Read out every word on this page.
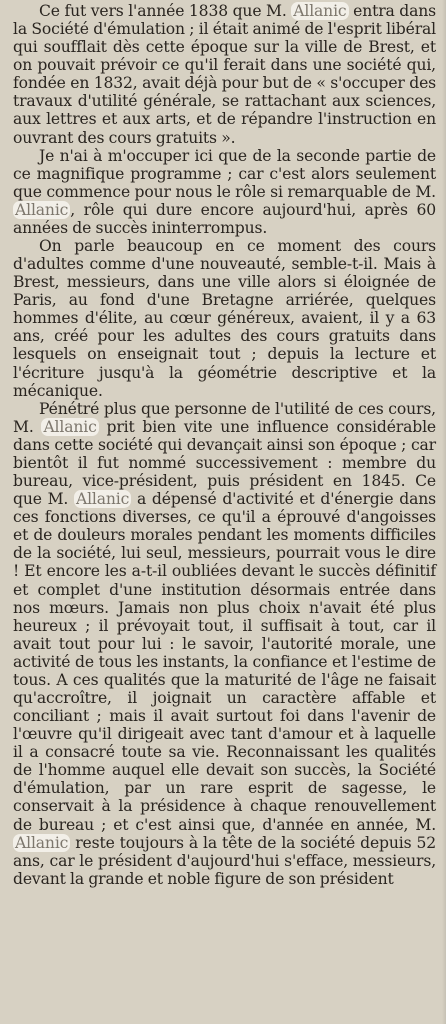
Ce fut vers l'année 1838 que M. Allanic entra dans la Société d'émulation ; il était animé de l'esprit libéral qui soufflait dès cette époque sur la ville de Brest, et on pouvait prévoir ce qu'il ferait dans une société qui, fondée en 1832, avait déjà pour but de « s'occuper des travaux d'utilité générale, se rattachant aux sciences, aux lettres et aux arts, et de répandre l'instruction en ouvrant des cours gratuits ».

Je n'ai à m'occuper ici que de la seconde partie de ce magnifique programme ; car c'est alors seulement que commence pour nous le rôle si remarquable de M. Allanic , rôle qui dure encore aujourd'hui, après 60 années de succès ininterrompus.

On parle beaucoup en ce moment des cours d'adultes comme d'une nouveauté, semble-t-il. Mais à Brest, messieurs, dans une ville alors si éloignée de Paris, au fond d'une Bretagne arriérée, quelques hommes d'élite, au cœur généreux, avaient, il y a 63 ans, créé pour les adultes des cours gratuits dans lesquels on enseignait tout ; depuis la lecture et l'écriture jusqu'à la géométrie descriptive et la mécanique.

Pénétré plus que personne de l'utilité de ces cours, M. Allanic prit bien vite une influence considérable dans cette société qui devançait ainsi son époque ; car bientôt il fut nommé successivement : membre du bureau, vice-président, puis président en 1845. Ce que M. Allanic a dépensé d'activité et d'énergie dans ces fonctions diverses, ce qu'il a éprouvé d'angoisses et de douleurs morales pendant les moments difficiles de la société, lui seul, messieurs, pourrait vous le dire ! Et encore les a-t-il oubliées devant le succès définitif et complet d'une institution désormais entrée dans nos mœurs. Jamais non plus choix n'avait été plus heureux ; il prévoyait tout, il suffisait à tout, car il avait tout pour lui : le savoir, l'autorité morale, une activité de tous les instants, la confiance et l'estime de tous. A ces qualités que la maturité de l'âge ne faisait qu'accroître, il joignait un caractère affable et conciliant ; mais il avait surtout foi dans l'avenir de l'œuvre qu'il dirigeait avec tant d'amour et à laquelle il a consacré toute sa vie. Reconnaissant les qualités de l'homme auquel elle devait son succès, la Société d'émulation, par un rare esprit de sagesse, le conservait à la présidence à chaque renouvellement de bureau ; et c'est ainsi que, d'année en année, M. Allanic reste toujours à la tête de la société depuis 52 ans, car le président d'aujourd'hui s'efface, messieurs, devant la grande et noble figure de son président
